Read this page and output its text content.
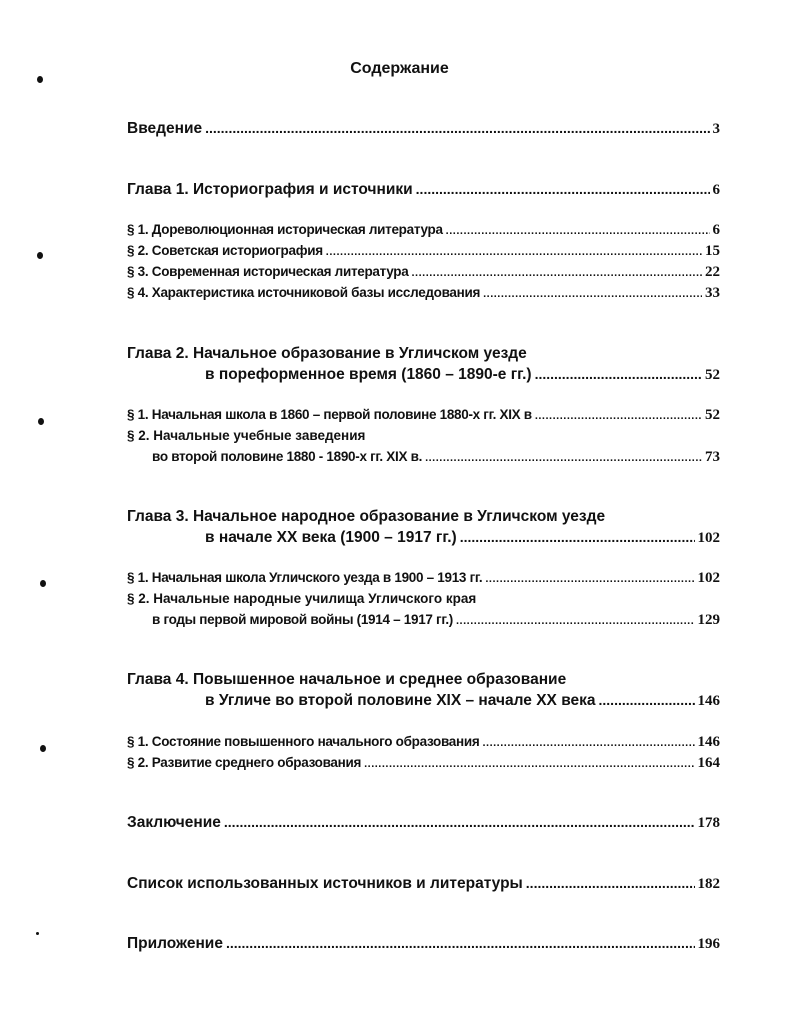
Содержание
Введение .....	3
Глава 1. Историография и источники .....	6
§ 1. Дореволюционная историческая литература .....	6
§ 2. Советская историография .....	15
§ 3. Современная историческая литература .....	22
§ 4. Характеристика источниковой базы исследования .....	33
Глава 2. Начальное образование в Угличском уезде
в пореформенное время (1860 – 1890-е гг.) .....	52
§ 1. Начальная школа в 1860 – первой половине 1880-х гг. XIX в .....	52
§ 2. Начальные учебные заведения
во второй половине 1880 - 1890-х гг. XIX в. .....	73
Глава 3. Начальное народное образование в Угличском уезде
в начале XX века (1900 – 1917 гг.) .....	102
§ 1. Начальная школа Угличского уезда в 1900 – 1913 гг. .....	102
§ 2. Начальные народные училища Угличского края
в годы первой мировой войны (1914 – 1917 гг.) .....	129
Глава 4. Повышенное начальное и среднее образование
в Угличе во второй половине XIX – начале XX века .....	146
§ 1. Состояние повышенного начального образования .....	146
§ 2. Развитие среднего образования .....	164
Заключение .....	178
Список использованных источников и литературы .....	182
Приложение .....	196
